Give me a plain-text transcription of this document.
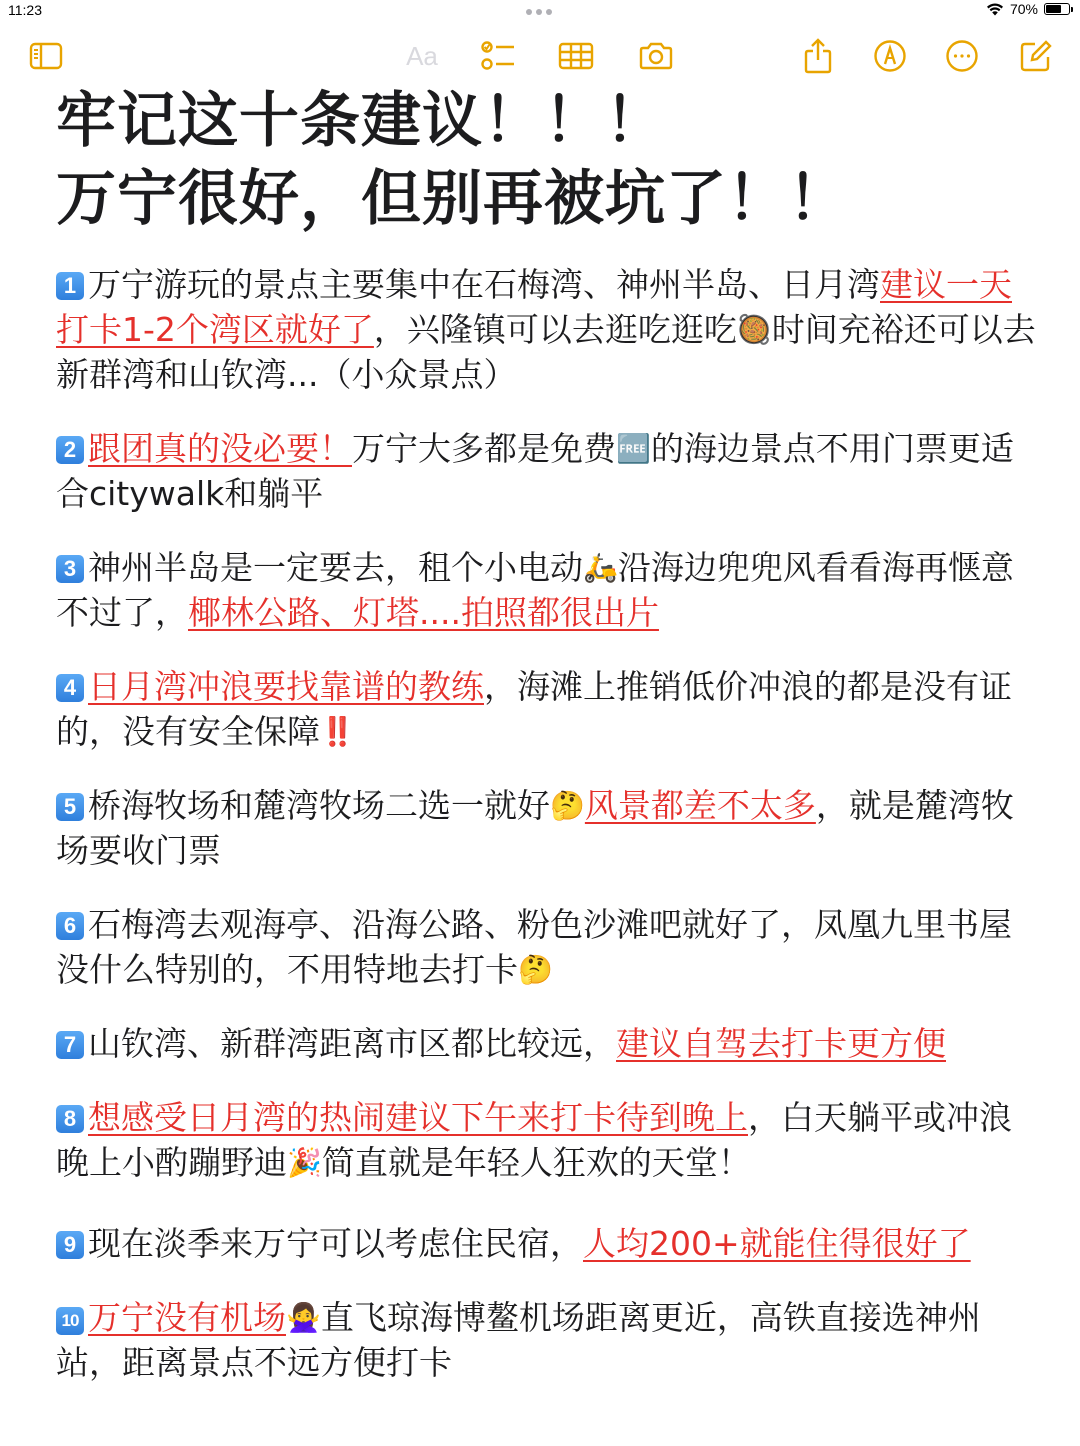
11:23	70%
Aa
牢记这十条建议！！！
万宁很好，但别再被坑了！！
1 万宁游玩的景点主要集中在石梅湾、神州半岛、日月湾建议一天打卡1-2个湾区就好了，兴隆镇可以去逛吃逛吃🥘时间充裕还可以去新群湾和山钦湾...（小众景点）
2 跟团真的没必要！万宁大多都是免费🆓的海边景点不用门票更适合citywalk和躺平
3 神州半岛是一定要去，租个小电动🛵沿海边兜兜风看看海再惬意不过了，椰林公路、灯塔....拍照都很出片
4 日月湾冲浪要找靠谱的教练，海滩上推销低价冲浪的都是没有证的，没有安全保障‼️
5 桥海牧场和麓湾牧场二选一就好🤔风景都差不太多，就是麓湾牧场要收门票
6 石梅湾去观海亭、沿海公路、粉色沙滩吧就好了，凤凰九里书屋没什么特别的，不用特地去打卡🤔
7 山钦湾、新群湾距离市区都比较远，建议自驾去打卡更方便
8 想感受日月湾的热闹建议下午来打卡待到晚上，白天躺平或冲浪晚上小酌蹦野迪🎉简直就是年轻人狂欢的天堂！
9 现在淡季来万宁可以考虑住民宿，人均200+就能住得很好了
10 万宁没有机场🙅‍♀️直飞琼海博鳌机场距离更近，高铁直接选神州站，距离景点不远方便打卡
